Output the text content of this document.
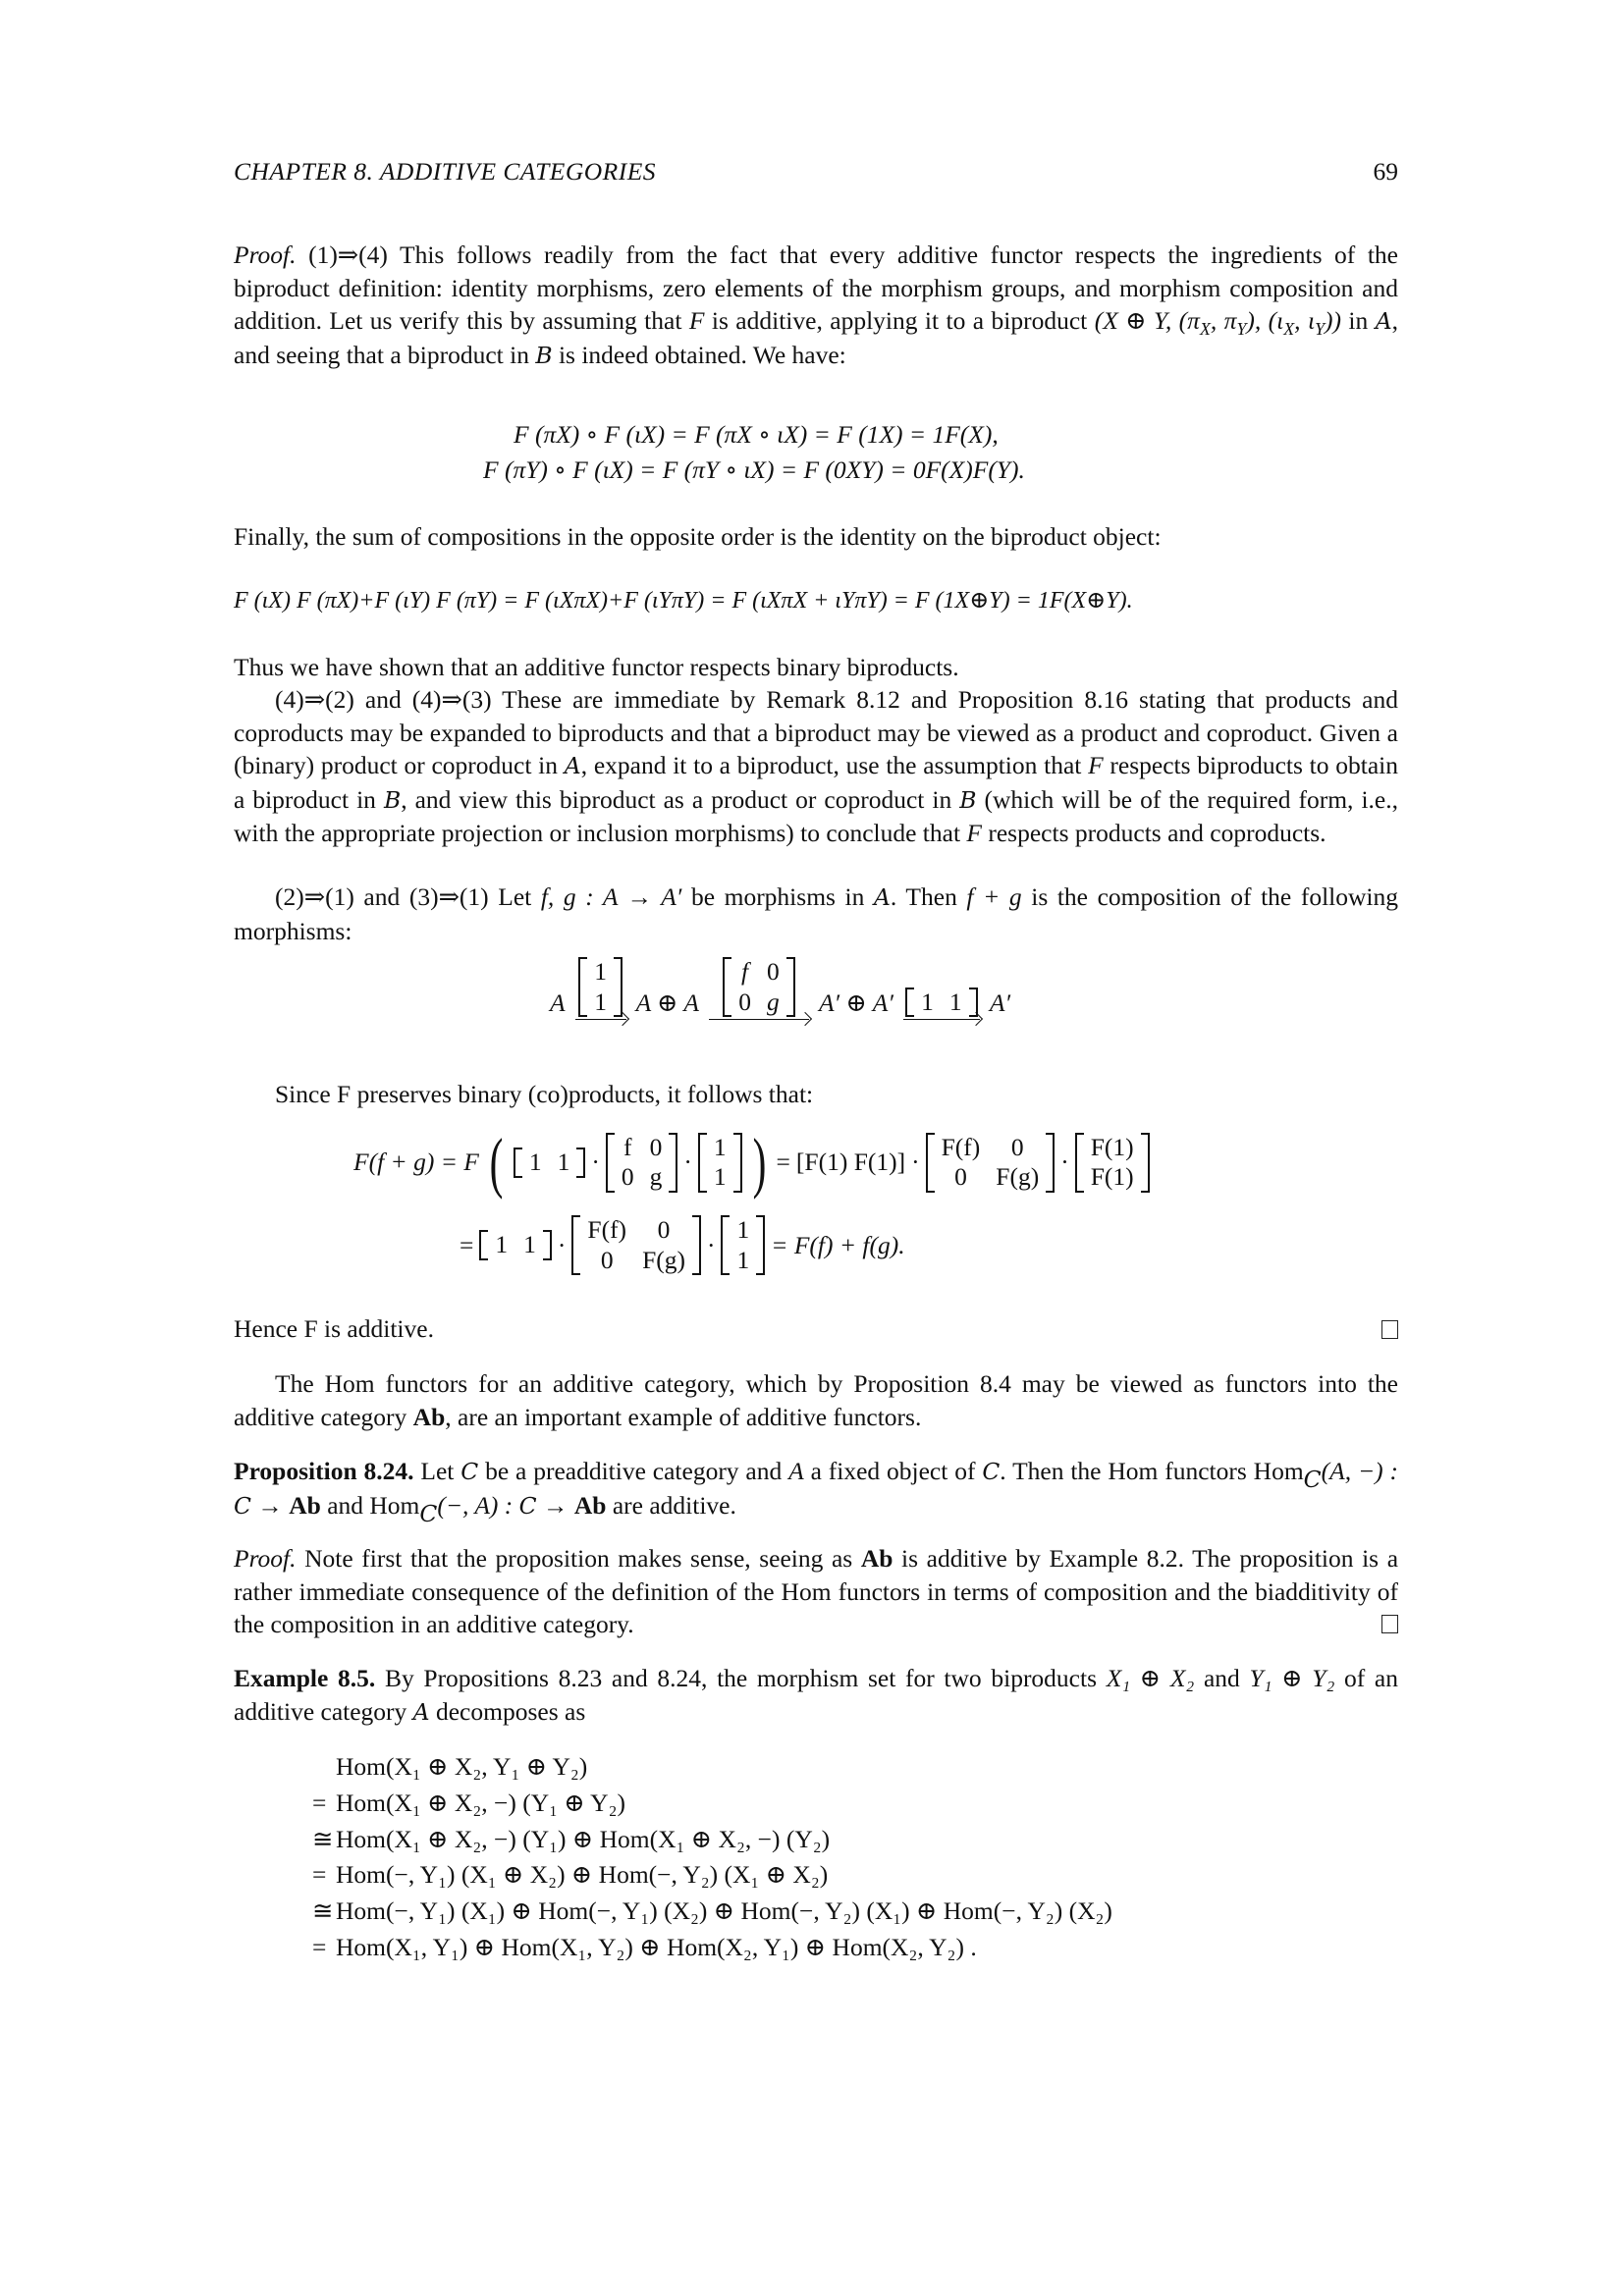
CHAPTER 8. ADDITIVE CATEGORIES	69
Proof. (1)⇒(4) This follows readily from the fact that every additive functor respects the ingredients of the biproduct definition: identity morphisms, zero elements of the morphism groups, and morphism composition and addition. Let us verify this by assuming that F is additive, applying it to a biproduct (X ⊕ Y, ($\pi_X$, $\pi_Y$), ($\iota_X$, $\iota_Y$)) in A, and seeing that a biproduct in B is indeed obtained. We have:
F (πX) ∘ F (ιX) = F (πX ∘ ιX) = F (1X) = 1F(X),
F (πY) ∘ F (ιX) = F (πY ∘ ιX) = F (0XY) = 0F(X)F(Y).
Finally, the sum of compositions in the opposite order is the identity on the biproduct object:
F (ιX) F (πX)+F (ιY) F (πY) = F (ιXπX)+F (ιYπY) = F (ιXπX + ιYπY) = F (1X⊕Y) = 1F(X⊕Y).
Thus we have shown that an additive functor respects binary biproducts.
(4)⇒(2) and (4)⇒(3) These are immediate by Remark 8.12 and Proposition 8.16 stating that products and coproducts may be expanded to biproducts and that a biproduct may be viewed as a product and coproduct. Given a (binary) product or coproduct in A, expand it to a biproduct, use the assumption that F respects biproducts to obtain a biproduct in B, and view this biproduct as a product or coproduct in B (which will be of the required form, i.e., with the appropriate projection or inclusion morphisms) to conclude that F respects products and coproducts.
(2)⇒(1) and (3)⇒(1) Let f, g : A → A′ be morphisms in A. Then f + g is the composition of the following morphisms:
A
1
1 A ⊕ A
f	0
0	g A′ ⊕ A′ 1	1 A′
Since F preserves binary (co)products, it follows that:
F(f + g) = F ( 1	1 ·
f	0
0	g
·
1
1 ) = [F(1) F(1)] ·
F(f)	0
0	F(g)
·
F(1)
F(1)
= 1	1 ·
F(f)	0
0	F(g)
·
1
1
= F(f) + f(g).
Hence F is additive.
The Hom functors for an additive category, which by Proposition 8.4 may be viewed as functors into the additive category Ab, are an important example of additive functors.
Proposition 8.24. Let C be a preadditive category and A a fixed object of C. Then the Hom functors Hom$_C$(A, −) : C → Ab and Hom$_C$(−, A) : C → Ab are additive.
Proof. Note first that the proposition makes sense, seeing as Ab is additive by Example 8.2. The proposition is a rather immediate consequence of the definition of the Hom functors in terms of composition and the biadditivity of the composition in an additive category.
Example 8.5. By Propositions 8.23 and 8.24, the morphism set for two biproducts X₁ ⊕ X₂ and Y₁ ⊕ Y₂ of an additive category A decomposes as
Hom(X₁ ⊕ X₂, Y₁ ⊕ Y₂)
= Hom(X₁ ⊕ X₂, −) (Y₁ ⊕ Y₂)
≅ Hom(X₁ ⊕ X₂, −) (Y₁) ⊕ Hom(X₁ ⊕ X₂, −) (Y₂)
= Hom(−, Y₁) (X₁ ⊕ X₂) ⊕ Hom(−, Y₂) (X₁ ⊕ X₂)
≅ Hom(−, Y₁) (X₁) ⊕ Hom(−, Y₁) (X₂) ⊕ Hom(−, Y₂) (X₁) ⊕ Hom(−, Y₂) (X₂)
= Hom(X₁, Y₁) ⊕ Hom(X₁, Y₂) ⊕ Hom(X₂, Y₁) ⊕ Hom(X₂, Y₂) .
